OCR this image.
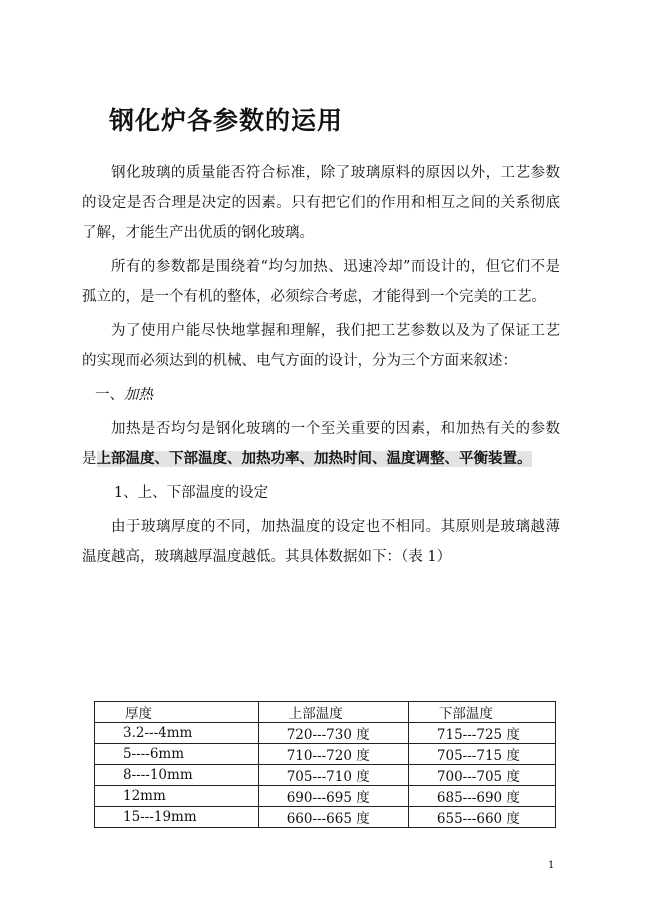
钢化炉各参数的运用

钢化玻璃的质量能否符合标准，除了玻璃原料的原因以外，工艺参数的设定是否合理是决定的因素。只有把它们的作用和相互之间的关系彻底了解，才能生产出优质的钢化玻璃。

所有的参数都是围绕着“均匀加热、迅速冷却”而设计的，但它们不是孤立的，是一个有机的整体，必须综合考虑，才能得到一个完美的工艺。

为了使用户能尽快地掌握和理解，我们把工艺参数以及为了保证工艺的实现而必须达到的机械、电气方面的设计，分为三个方面来叙述：

一、加热

加热是否均匀是钢化玻璃的一个至关重要的因素，和加热有关的参数是上部温度、下部温度、加热功率、加热时间、温度调整、平衡装置。

1、上、下部温度的设定

由于玻璃厚度的不同，加热温度的设定也不相同。其原则是玻璃越薄温度越高，玻璃越厚温度越低。其具体数据如下：（表 1）

厚度	上部温度	下部温度
3.2---4mm	720---730 度	715---725 度
5----6mm	710---720 度	705---715 度
8----10mm	705---710 度	700---705 度
12mm	690---695 度	685---690 度
15---19mm	660---665 度	655---660 度
1
